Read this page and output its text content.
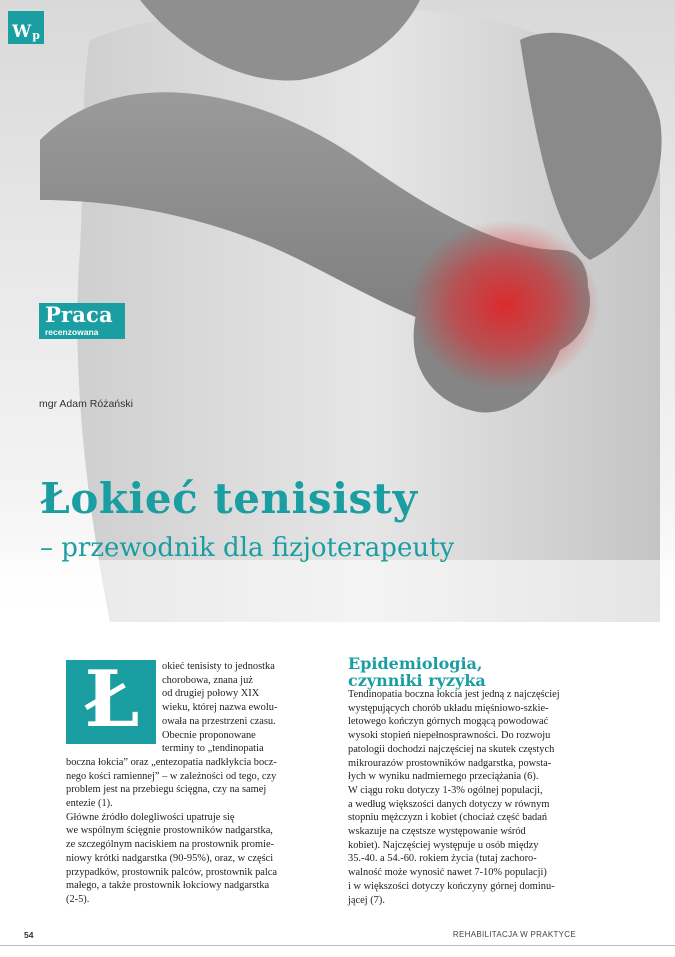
W p
Praca
recenzowana
mgr Adam Różański
Łokieć tenisisty
– przewodnik dla fizjoterapeuty
Ł okieć tenisisty to jednostka
chorobowa, znana już
od drugiej połowy XIX
wieku, której nazwa ewolu-
owała na przestrzeni czasu.
Obecnie proponowane
terminy to „tendinopatia
boczna łokcia” oraz „entezopatia nadkłykcia bocz-
nego kości ramiennej” – w zależności od tego, czy
problem jest na przebiegu ścięgna, czy na samej
entezie (1).
Główne źródło dolegliwości upatruje się
we wspólnym ścięgnie prostowników nadgarstka,
ze szczególnym naciskiem na prostownik promie-
niowy krótki nadgarstka (90-95%), oraz, w części
przypadków, prostownik palców, prostownik palca
małego, a także prostownik łokciowy nadgarstka
(2-5).
Epidemiologia,
czynniki ryzyka
Tendinopatia boczna łokcia jest jedną z najczęściej
występujących chorób układu mięśniowo-szkie-
letowego kończyn górnych mogącą powodować
wysoki stopień niepełnosprawności. Do rozwoju
patologii dochodzi najczęściej na skutek częstych
mikrourazów prostowników nadgarstka, powsta-
łych w wyniku nadmiernego przeciążania (6).
W ciągu roku dotyczy 1-3% ogólnej populacji,
a według większości danych dotyczy w równym
stopniu mężczyzn i kobiet (chociaż część badań
wskazuje na częstsze występowanie wśród
kobiet). Najczęściej występuje u osób między
35.-40. a 54.-60. rokiem życia (tutaj zachoro-
walność może wynosić nawet 7-10% populacji)
i w większości dotyczy kończyny górnej dominu-
jącej (7).
54	REHABILITACJA W PRAKTYCE
